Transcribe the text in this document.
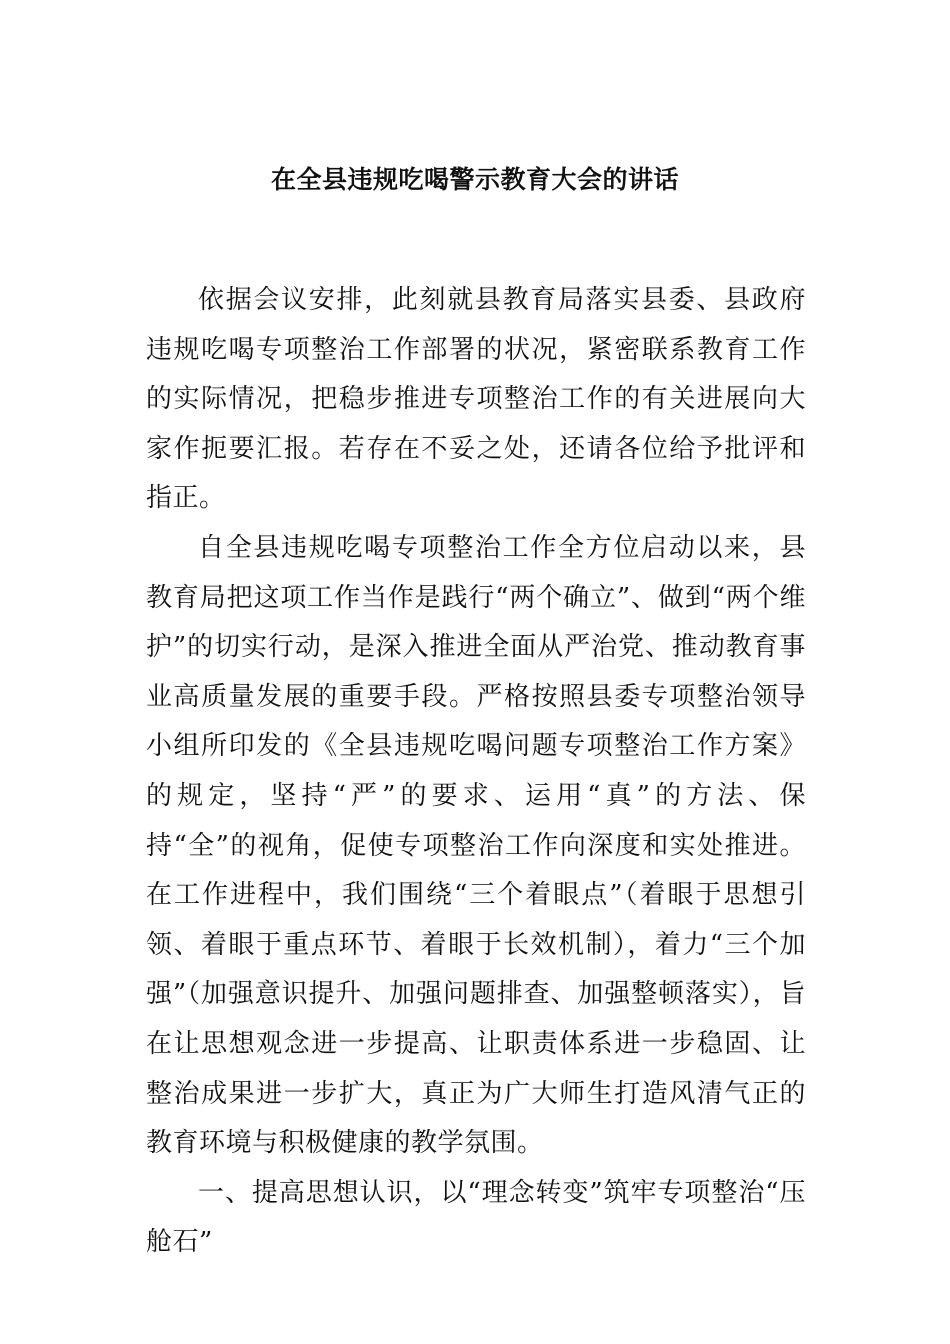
在全县违规吃喝警示教育大会的讲话

依据会议安排，此刻就县教育局落实县委、县政府违规吃喝专项整治工作部署的状况，紧密联系教育工作的实际情况，把稳步推进专项整治工作的有关进展向大家作扼要汇报。若存在不妥之处，还请各位给予批评和指正。

自全县违规吃喝专项整治工作全方位启动以来，县教育局把这项工作当作是践行“两个确立”、做到“两个维护”的切实行动，是深入推进全面从严治党、推动教育事业高质量发展的重要手段。严格按照县委专项整治领导小组所印发的《全县违规吃喝问题专项整治工作方案》的规定，坚持“严”的要求、运用“真”的方法、保持“全”的视角，促使专项整治工作向深度和实处推进。在工作进程中，我们围绕“三个着眼点”（着眼于思想引领、着眼于重点环节、着眼于长效机制），着力“三个加强”（加强意识提升、加强问题排查、加强整顿落实），旨在让思想观念进一步提高、让职责体系进一步稳固、让整治成果进一步扩大，真正为广大师生打造风清气正的教育环境与积极健康的教学氛围。

一、提高思想认识，以“理念转变”筑牢专项整治“压舱石”
